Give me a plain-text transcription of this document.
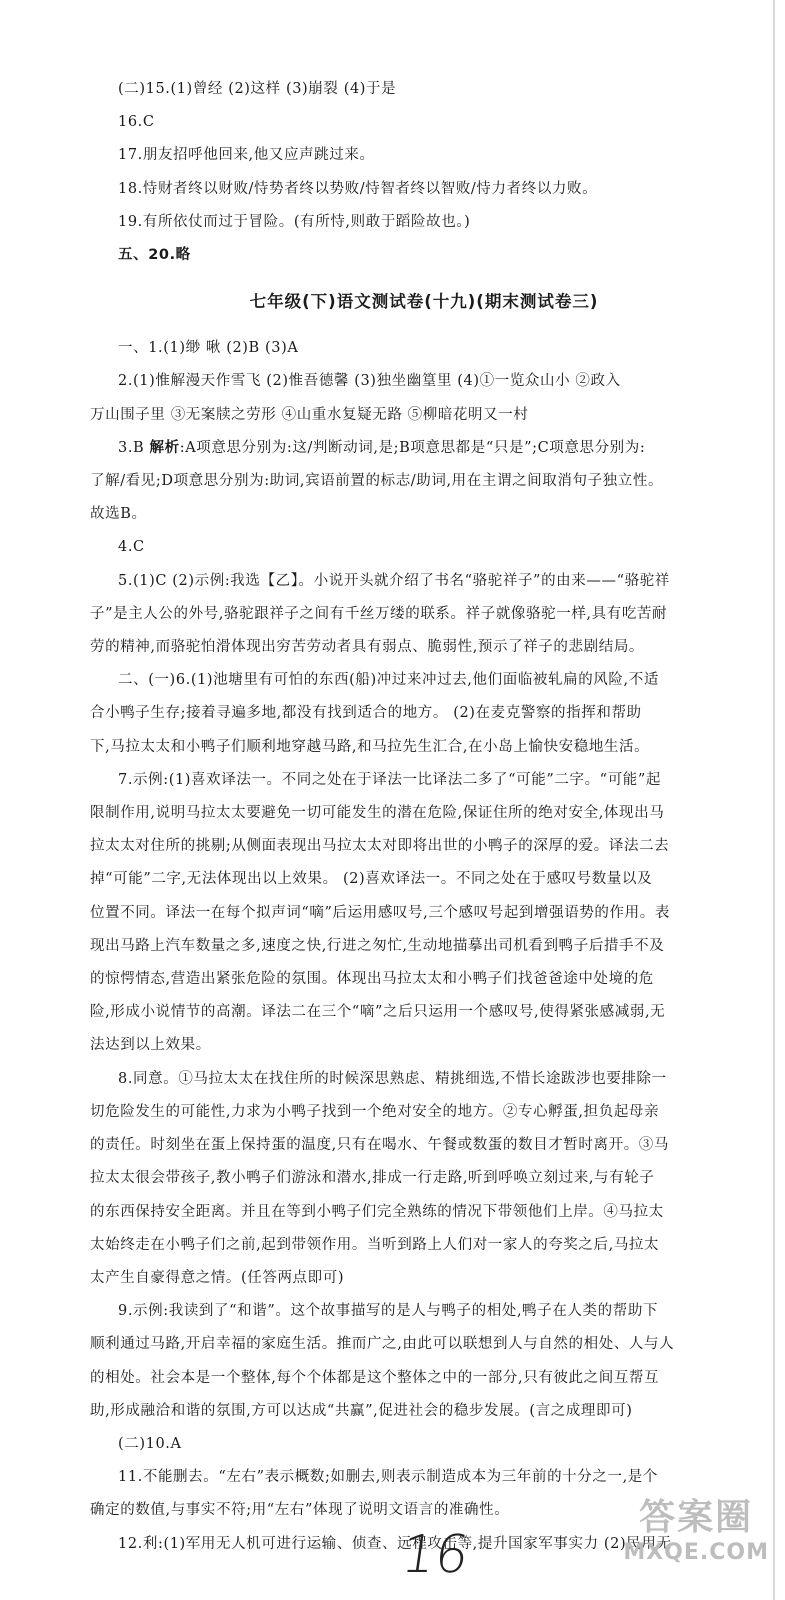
(二)15.(1)曾经 (2)这样 (3)崩裂 (4)于是

16.C

17.朋友招呼他回来,他又应声跳过来。

18.恃财者终以财败/恃势者终以势败/恃智者终以智败/恃力者终以力败。

19.有所依仗而过于冒险。(有所恃,则敢于蹈险故也。)

五、20.略

七年级(下)语文测试卷(十九)(期末测试卷三)

一、1.(1)缈 啾 (2)B (3)A

2.(1)惟解漫天作雪飞 (2)惟吾德馨 (3)独坐幽篁里 (4)①一览众山小 ②政入

万山围子里 ③无案牍之劳形 ④山重水复疑无路 ⑤柳暗花明又一村

3.B 解析:A项意思分别为:这/判断动词,是;B项意思都是“只是”;C项意思分别为:

了解/看见;D项意思分别为:助词,宾语前置的标志/助词,用在主谓之间取消句子独立性。

故选B。

4.C

5.(1)C (2)示例:我选【乙】。小说开头就介绍了书名“骆驼祥子”的由来——“骆驼祥

子”是主人公的外号,骆驼跟祥子之间有千丝万缕的联系。祥子就像骆驼一样,具有吃苦耐

劳的精神,而骆驼怕滑体现出穷苦劳动者具有弱点、脆弱性,预示了祥子的悲剧结局。

二、(一)6.(1)池塘里有可怕的东西(船)冲过来冲过去,他们面临被轧扁的风险,不适

合小鸭子生存;接着寻遍多地,都没有找到适合的地方。 (2)在麦克警察的指挥和帮助

下,马拉太太和小鸭子们顺利地穿越马路,和马拉先生汇合,在小岛上愉快安稳地生活。

7.示例:(1)喜欢译法一。不同之处在于译法一比译法二多了“可能”二字。“可能”起

限制作用,说明马拉太太要避免一切可能发生的潜在危险,保证住所的绝对安全,体现出马

拉太太对住所的挑剔;从侧面表现出马拉太太对即将出世的小鸭子的深厚的爱。译法二去

掉“可能”二字,无法体现出以上效果。 (2)喜欢译法一。不同之处在于感叹号数量以及

位置不同。译法一在每个拟声词“嘀”后运用感叹号,三个感叹号起到增强语势的作用。表

现出马路上汽车数量之多,速度之快,行进之匆忙,生动地描摹出司机看到鸭子后措手不及

的惊愕情态,营造出紧张危险的氛围。体现出马拉太太和小鸭子们找爸爸途中处境的危

险,形成小说情节的高潮。译法二在三个“嘀”之后只运用一个感叹号,使得紧张感减弱,无

法达到以上效果。

8.同意。①马拉太太在找住所的时候深思熟虑、精挑细选,不惜长途跋涉也要排除一

切危险发生的可能性,力求为小鸭子找到一个绝对安全的地方。②专心孵蛋,担负起母亲

的责任。时刻坐在蛋上保持蛋的温度,只有在喝水、午餐或数蛋的数目才暂时离开。③马

拉太太很会带孩子,教小鸭子们游泳和潜水,排成一行走路,听到呼唤立刻过来,与有轮子

的东西保持安全距离。并且在等到小鸭子们完全熟练的情况下带领他们上岸。④马拉太

太始终走在小鸭子们之前,起到带领作用。当听到路上人们对一家人的夸奖之后,马拉太

太产生自豪得意之情。(任答两点即可)

9.示例:我读到了“和谐”。这个故事描写的是人与鸭子的相处,鸭子在人类的帮助下

顺利通过马路,开启幸福的家庭生活。推而广之,由此可以联想到人与自然的相处、人与人

的相处。社会本是一个整体,每个个体都是这个整体之中的一部分,只有彼此之间互帮互

助,形成融洽和谐的氛围,方可以达成“共赢”,促进社会的稳步发展。(言之成理即可)

(二)10.A

11.不能删去。“左右”表示概数;如删去,则表示制造成本为三年前的十分之一,是个

确定的数值,与事实不符;用“左右”体现了说明文语言的准确性。

12.利:(1)军用无人机可进行运输、侦查、远程攻击等,提升国家军事实力 (2)民用无

16
答案圈
MXQE.COM
